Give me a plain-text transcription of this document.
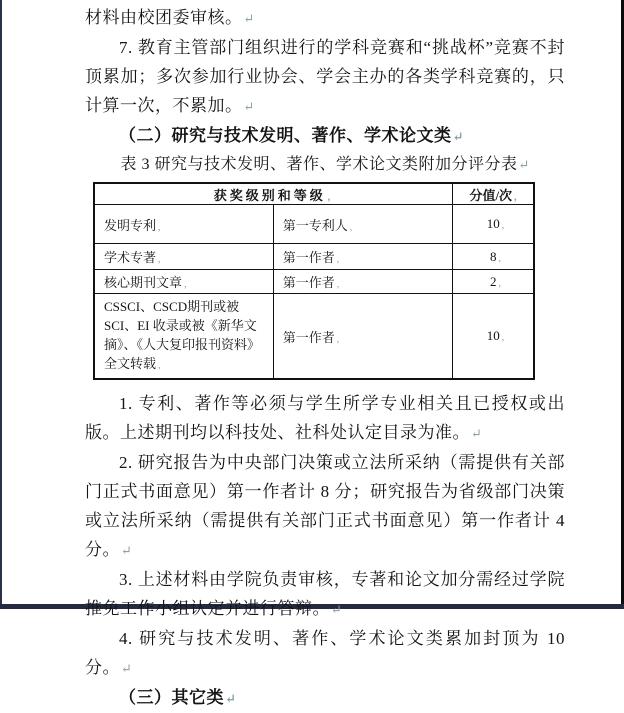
材料由校团委审核。↵

7. 教育主管部门组织进行的学科竞赛和“挑战杯”竞赛不封顶累加；多次参加行业协会、学会主办的各类学科竞赛的，只计算一次，不累加。↵

（二）研究与技术发明、著作、学术论文类↵

表 3 研究与技术发明、著作、学术论文类附加分评分表↵

获奖级别和等级 ,		分值/次 ,
发明专利 ,	第一专利人 ,	10 ,
学术专著 ,	第一作者 ,	8 ,
核心期刊文章 ,	第一作者 ,	2 ,
CSSCI、CSCD期刊或被 SCI、EI 收录或被《新华文摘》、《人大复印报刊资料》全文转载 ,	第一作者 ,	10 ,

1. 专利、著作等必须与学生所学专业相关且已授权或出版。上述期刊均以科技处、社科处认定目录为准。↵

2. 研究报告为中央部门决策或立法所采纳（需提供有关部门正式书面意见）第一作者计 8 分；研究报告为省级部门决策或立法所采纳（需提供有关部门正式书面意见）第一作者计 4 分。↵

3. 上述材料由学院负责审核，专著和论文加分需经过学院推免工作小组认定并进行答辩。↵

4. 研究与技术发明、著作、学术论文类累加封顶为 10 分。↵

（三）其它类↵
